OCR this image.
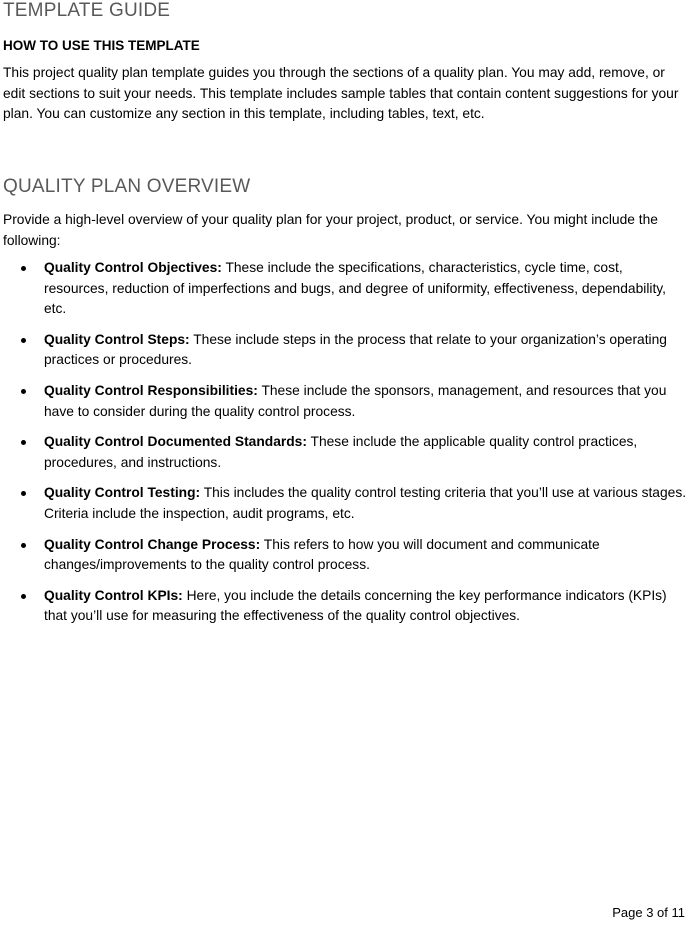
TEMPLATE GUIDE
HOW TO USE THIS TEMPLATE

This project quality plan template guides you through the sections of a quality plan. You may add, remove, or edit sections to suit your needs. This template includes sample tables that contain content suggestions for your plan. You can customize any section in this template, including tables, text, etc.

QUALITY PLAN OVERVIEW

Provide a high-level overview of your quality plan for your project, product, or service. You might include the following:

Quality Control Objectives: These include the specifications, characteristics, cycle time, cost, resources, reduction of imperfections and bugs, and degree of uniformity, effectiveness, dependability, etc.
Quality Control Steps: These include steps in the process that relate to your organization’s operating practices or procedures.
Quality Control Responsibilities: These include the sponsors, management, and resources that you have to consider during the quality control process.
Quality Control Documented Standards: These include the applicable quality control practices, procedures, and instructions.
Quality Control Testing: This includes the quality control testing criteria that you’ll use at various stages. Criteria include the inspection, audit programs, etc.
Quality Control Change Process: This refers to how you will document and communicate changes/improvements to the quality control process.
Quality Control KPIs: Here, you include the details concerning the key performance indicators (KPIs) that you’ll use for measuring the effectiveness of the quality control objectives.
Page 3 of 11
